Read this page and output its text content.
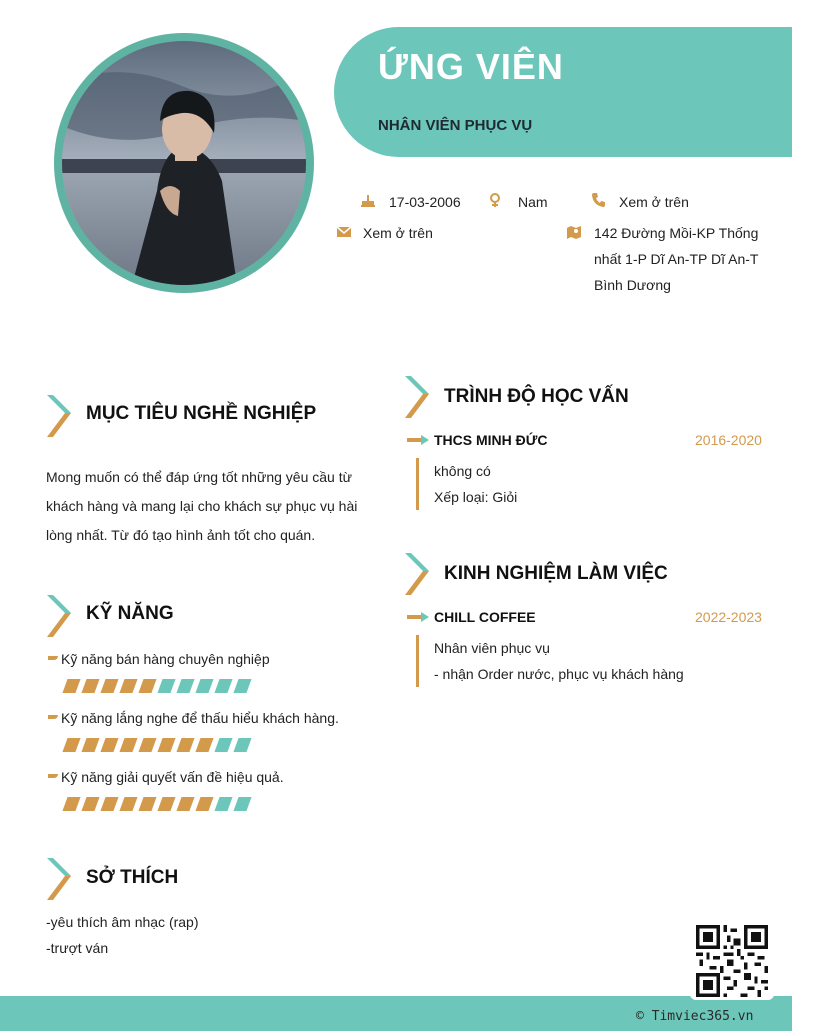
ỨNG VIÊN
NHÂN VIÊN PHỤC VỤ
17-03-2006	Nam	Xem ở trên
Xem ở trên	142 Đường Mồi-KP Thống
nhất 1-P Dĩ An-TP Dĩ An-T
Bình Dương
MỤC TIÊU NGHỀ NGHIỆP
Mong muốn có thể đáp ứng tốt những yêu cầu từ
khách hàng và mang lại cho khách sự phục vụ hài
lòng nhất. Từ đó tạo hình ảnh tốt cho quán.
KỸ NĂNG
Kỹ năng bán hàng chuyên nghiệp
Kỹ năng lắng nghe để thấu hiểu khách hàng.
Kỹ năng giải quyết vấn đề hiệu quả.
SỞ THÍCH
-yêu thích âm nhạc (rap)
-trượt ván
TRÌNH ĐỘ HỌC VẤN
THCS MINH ĐỨC	2016-2020
không có
Xếp loại: Giỏi
KINH NGHIỆM LÀM VIỆC
CHILL COFFEE	2022-2023
Nhân viên phục vụ
- nhận Order nước, phục vụ khách hàng
© Timviec365.vn
